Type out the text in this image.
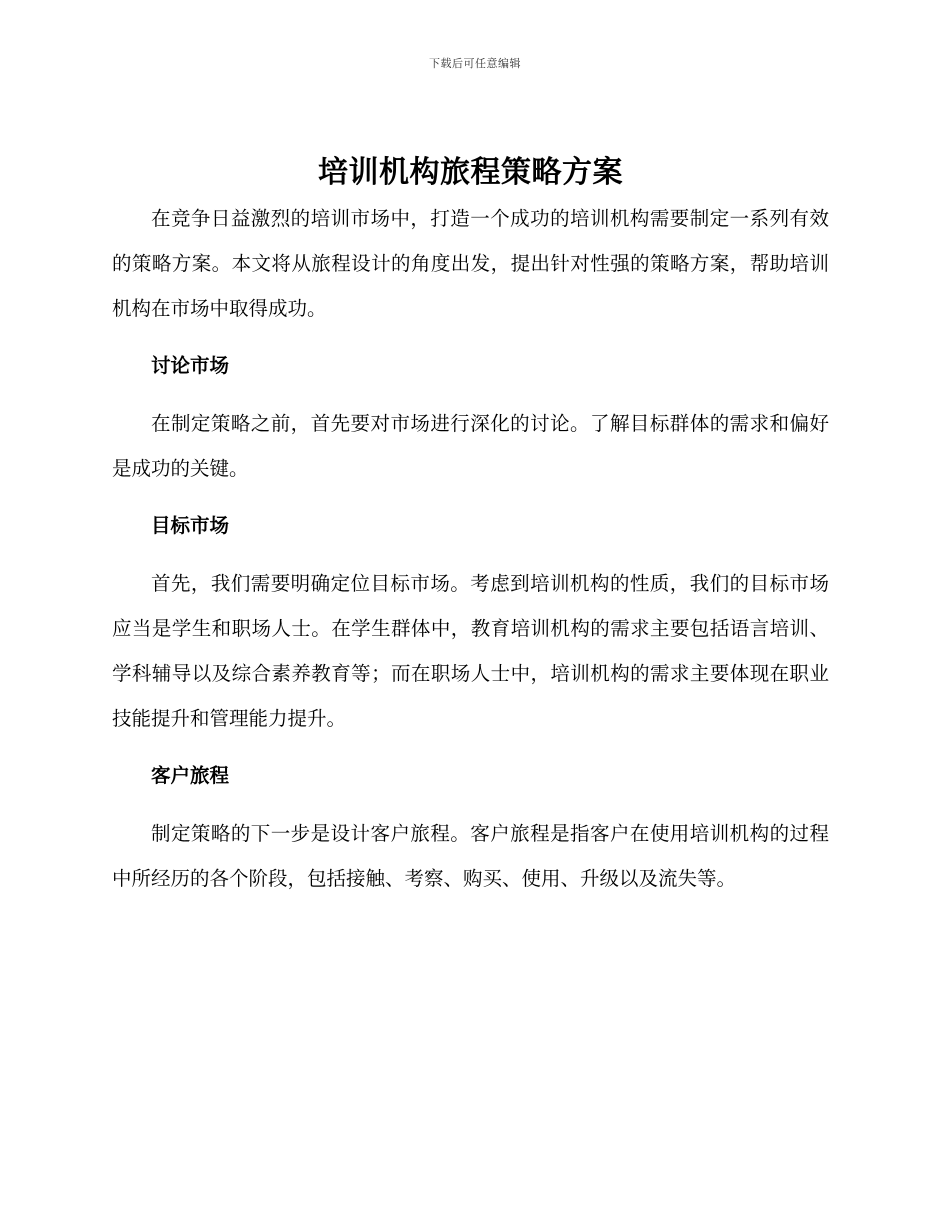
下载后可任意编辑
培训机构旅程策略方案

在竞争日益激烈的培训市场中，打造一个成功的培训机构需要制定一系列有效的策略方案。本文将从旅程设计的角度出发，提出针对性强的策略方案，帮助培训机构在市场中取得成功。

讨论市场

在制定策略之前，首先要对市场进行深化的讨论。了解目标群体的需求和偏好是成功的关键。

目标市场

首先，我们需要明确定位目标市场。考虑到培训机构的性质，我们的目标市场应当是学生和职场人士。在学生群体中，教育培训机构的需求主要包括语言培训、学科辅导以及综合素养教育等；而在职场人士中，培训机构的需求主要体现在职业技能提升和管理能力提升。

客户旅程

制定策略的下一步是设计客户旅程。客户旅程是指客户在使用培训机构的过程中所经历的各个阶段，包括接触、考察、购买、使用、升级以及流失等。
